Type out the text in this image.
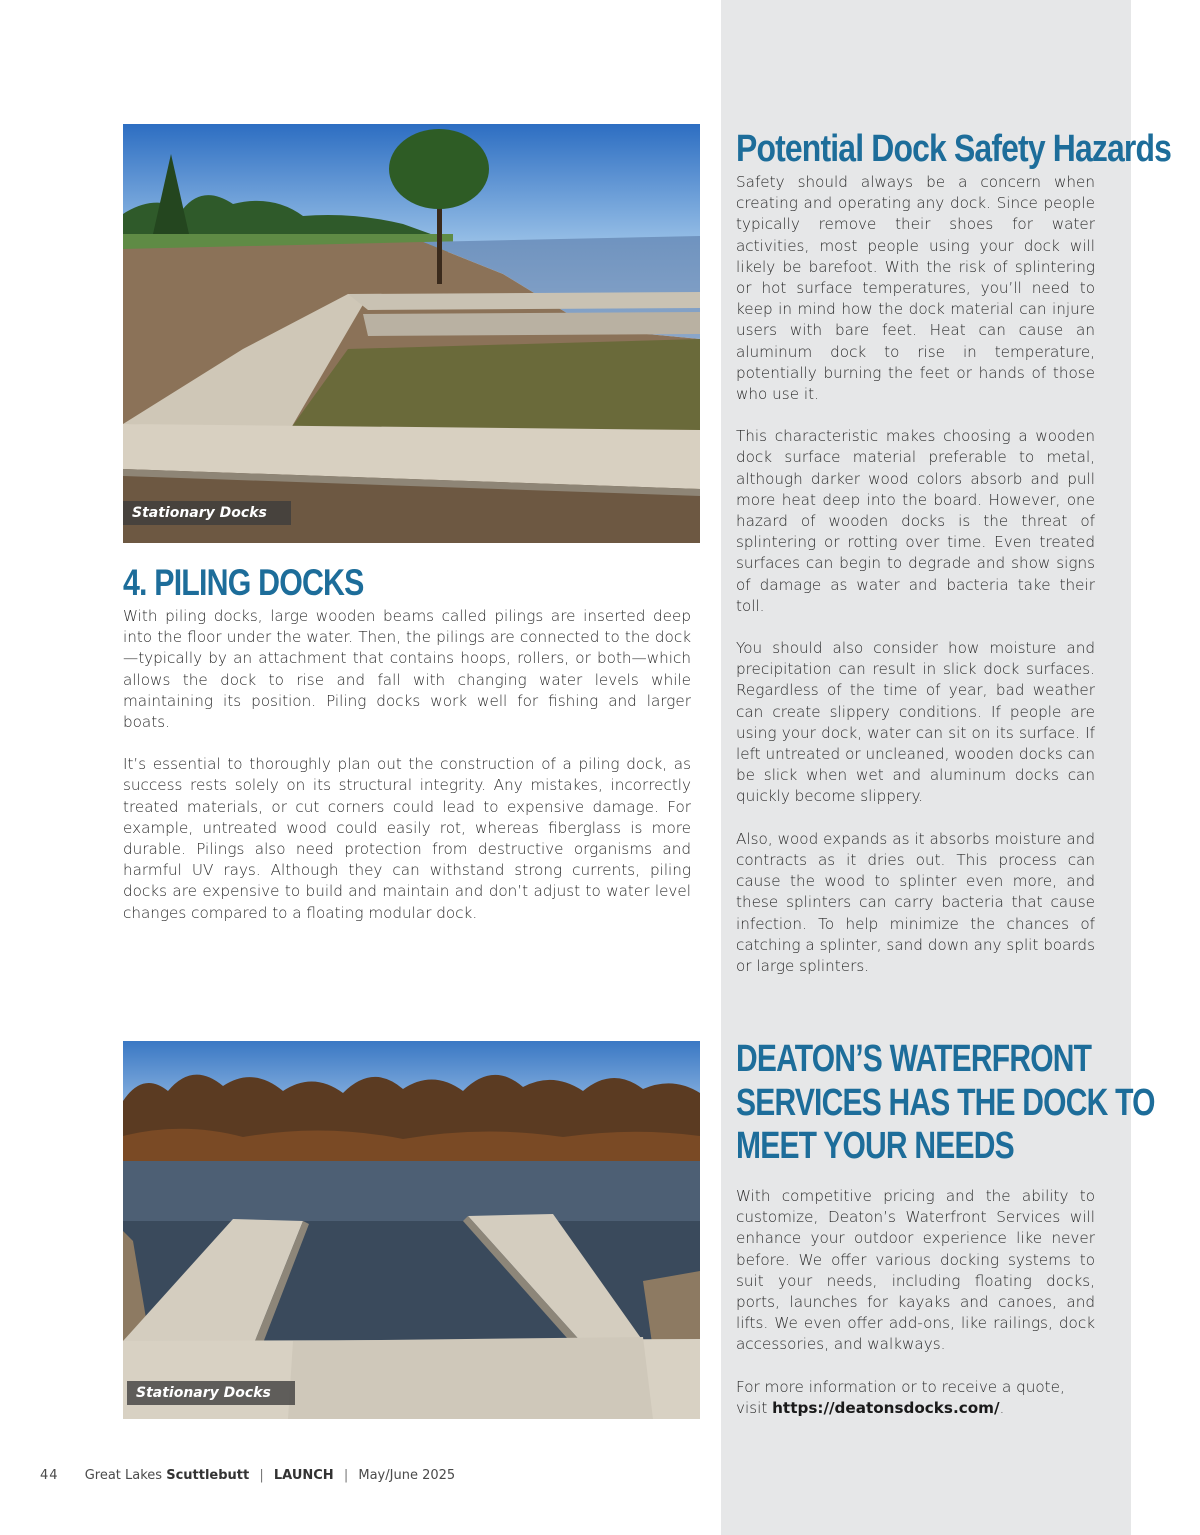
Stationary Docks
4. PILING DOCKS

With piling docks, large wooden beams called pilings are inserted deep into the floor under the water. Then, the pilings are connected to the dock—typically by an attachment that contains hoops, rollers, or both—which allows the dock to rise and fall with changing water levels while maintaining its position. Piling docks work well for fishing and larger boats.

It’s essential to thoroughly plan out the construction of a piling dock, as success rests solely on its structural integrity. Any mistakes, incorrectly treated materials, or cut corners could lead to expensive damage. For example, untreated wood could easily rot, whereas fiberglass is more durable. Pilings also need protection from destructive organisms and harmful UV rays. Although they can withstand strong currents, piling docks are expensive to build and maintain and don’t adjust to water level changes compared to a floating modular dock.

Potential Dock Safety Hazards

Safety should always be a concern when creating and operating any dock. Since people typically remove their shoes for water activities, most people using your dock will likely be barefoot. With the risk of splintering or hot surface temperatures, you’ll need to keep in mind how the dock material can injure users with bare feet. Heat can cause an aluminum dock to rise in temperature, potentially burning the feet or hands of those who use it.

This characteristic makes choosing a wooden dock surface material preferable to metal, although darker wood colors absorb and pull more heat deep into the board. However, one hazard of wooden docks is the threat of splintering or rotting over time. Even treated surfaces can begin to degrade and show signs of damage as water and bacteria take their toll.

You should also consider how moisture and precipitation can result in slick dock surfaces. Regardless of the time of year, bad weather can create slippery conditions. If people are using your dock, water can sit on its surface. If left untreated or uncleaned, wooden docks can be slick when wet and aluminum docks can quickly become slippery.

Also, wood expands as it absorbs moisture and contracts as it dries out. This process can cause the wood to splinter even more, and these splinters can carry bacteria that cause infection. To help minimize the chances of catching a splinter, sand down any split boards or large splinters.

Stationary Docks
DEATON’S WATERFRONT
SERVICES HAS THE DOCK TO
MEET YOUR NEEDS

With competitive pricing and the ability to customize, Deaton’s Waterfront Services will enhance your outdoor experience like never before. We offer various docking systems to suit your needs, including floating docks, ports, launches for kayaks and canoes, and lifts. We even offer add-ons, like railings, dock accessories, and walkways.

For more information or to receive a quote, visit https://deatonsdocks.com/.

44 Great Lakes Scuttlebutt | LAUNCH | May/June 2025
